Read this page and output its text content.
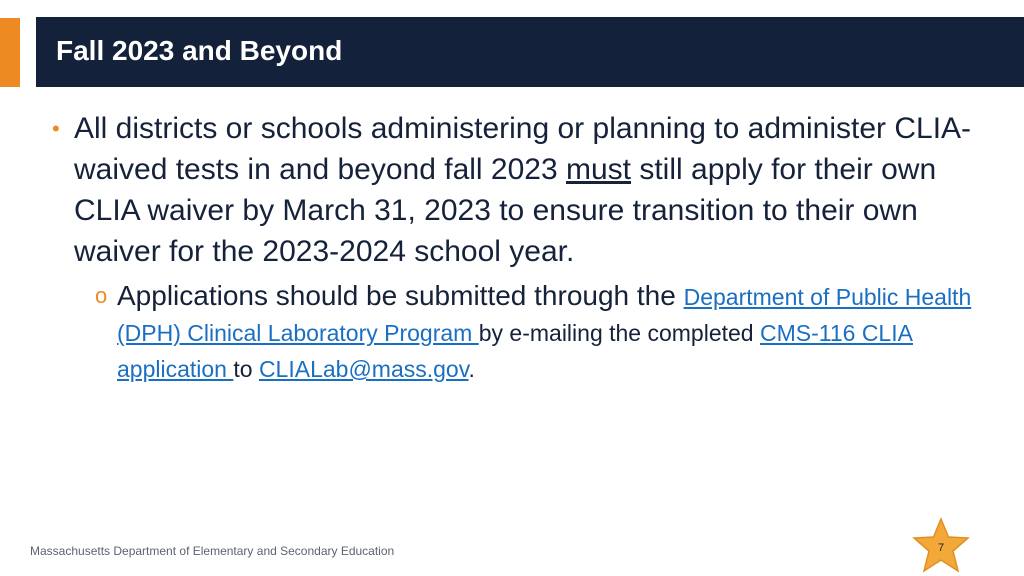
Fall 2023 and Beyond
• All districts or schools administering or planning to administer CLIA-waived tests in and beyond fall 2023 must still apply for their own CLIA waiver by March 31, 2023 to ensure transition to their own waiver for the 2023-2024 school year.
o Applications should be submitted through the Department of Public Health (DPH) Clinical Laboratory Program by e-mailing the completed CMS-116 CLIA application to CLIALab@mass.gov.
Massachusetts Department of Elementary and Secondary Education	7
